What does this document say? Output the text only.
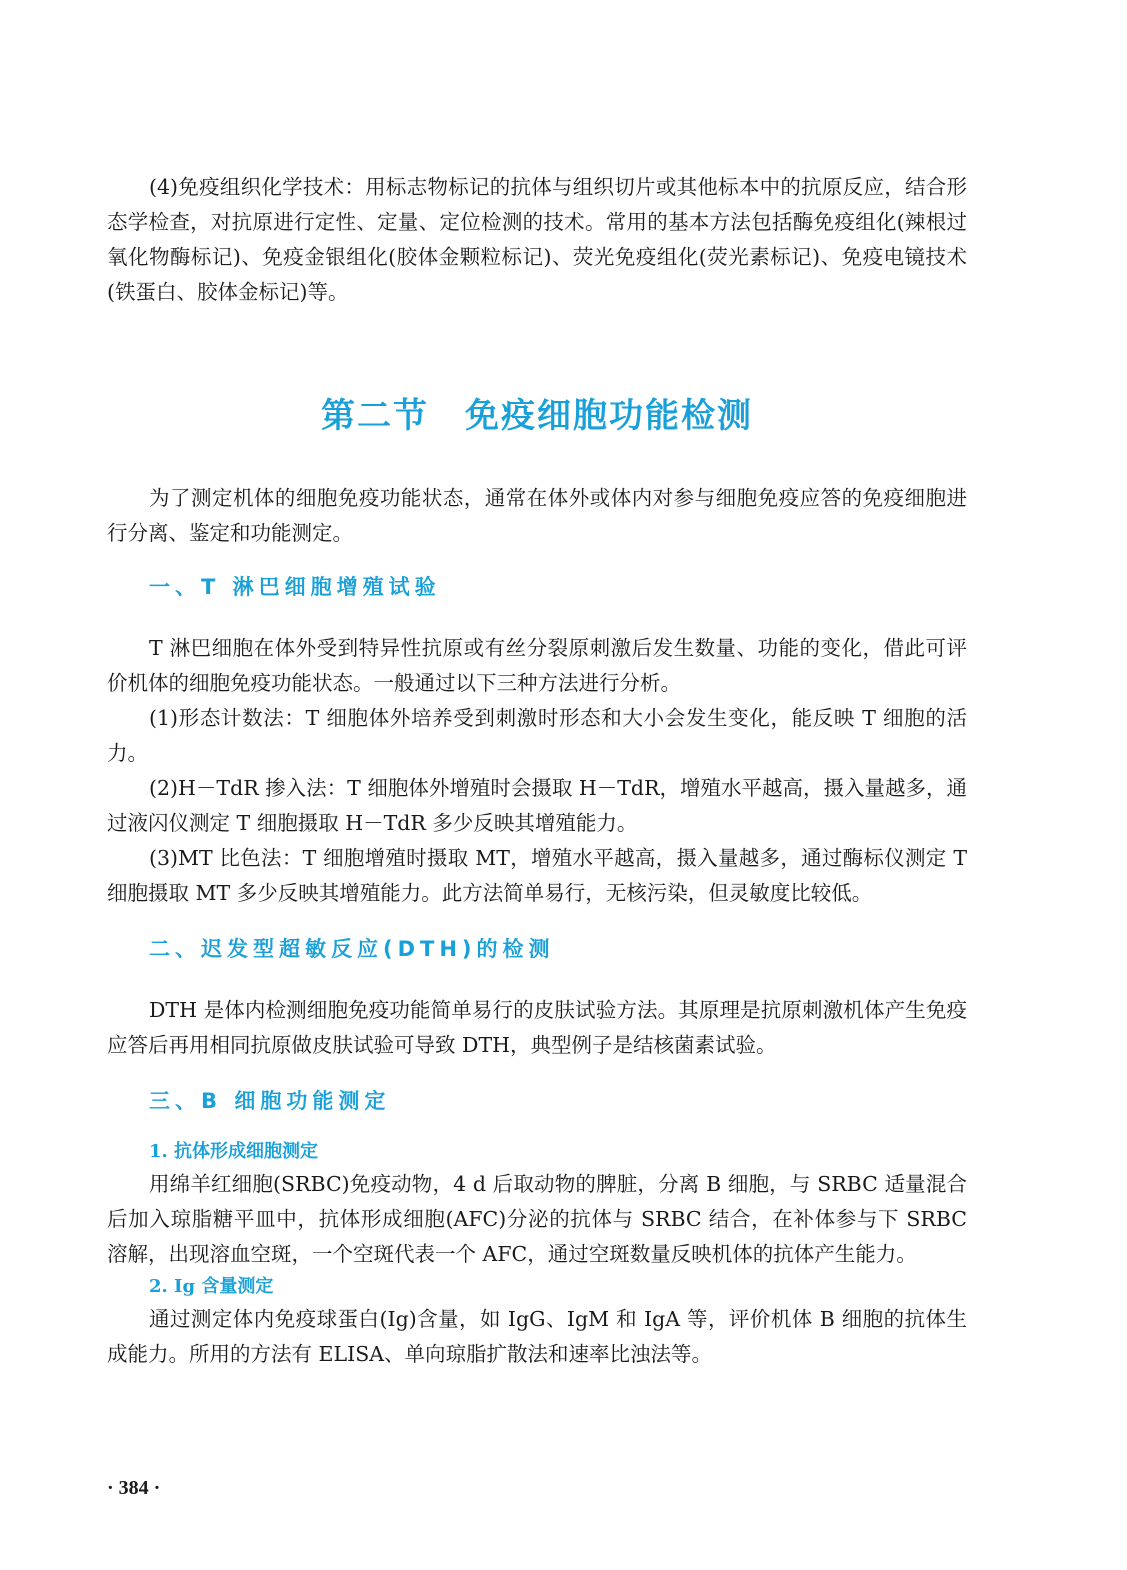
(4)免疫组织化学技术：用标志物标记的抗体与组织切片或其他标本中的抗原反应，结合形态学检查，对抗原进行定性、定量、定位检测的技术。常用的基本方法包括酶免疫组化(辣根过氧化物酶标记)、免疫金银组化(胶体金颗粒标记)、荧光免疫组化(荧光素标记)、免疫电镜技术(铁蛋白、胶体金标记)等。

第二节　免疫细胞功能检测

为了测定机体的细胞免疫功能状态，通常在体外或体内对参与细胞免疫应答的免疫细胞进行分离、鉴定和功能测定。

一、T 淋巴细胞增殖试验

T 淋巴细胞在体外受到特异性抗原或有丝分裂原刺激后发生数量、功能的变化，借此可评价机体的细胞免疫功能状态。一般通过以下三种方法进行分析。

(1)形态计数法：T 细胞体外培养受到刺激时形态和大小会发生变化，能反映 T 细胞的活力。

(2)H－TdR 掺入法：T 细胞体外增殖时会摄取 H－TdR，增殖水平越高，摄入量越多，通过液闪仪测定 T 细胞摄取 H－TdR 多少反映其增殖能力。

(3)MT 比色法：T 细胞增殖时摄取 MT，增殖水平越高，摄入量越多，通过酶标仪测定 T 细胞摄取 MT 多少反映其增殖能力。此方法简单易行，无核污染，但灵敏度比较低。

二、迟发型超敏反应(DTH)的检测

DTH 是体内检测细胞免疫功能简单易行的皮肤试验方法。其原理是抗原刺激机体产生免疫应答后再用相同抗原做皮肤试验可导致 DTH，典型例子是结核菌素试验。

三、B 细胞功能测定
1. 抗体形成细胞测定

用绵羊红细胞(SRBC)免疫动物，4 d 后取动物的脾脏，分离 B 细胞，与 SRBC 适量混合后加入琼脂糖平皿中，抗体形成细胞(AFC)分泌的抗体与 SRBC 结合，在补体参与下 SRBC 溶解，出现溶血空斑，一个空斑代表一个 AFC，通过空斑数量反映机体的抗体产生能力。

2. Ig 含量测定

通过测定体内免疫球蛋白(Ig)含量，如 IgG、IgM 和 IgA 等，评价机体 B 细胞的抗体生成能力。所用的方法有 ELISA、单向琼脂扩散法和速率比浊法等。

· 384 ·
